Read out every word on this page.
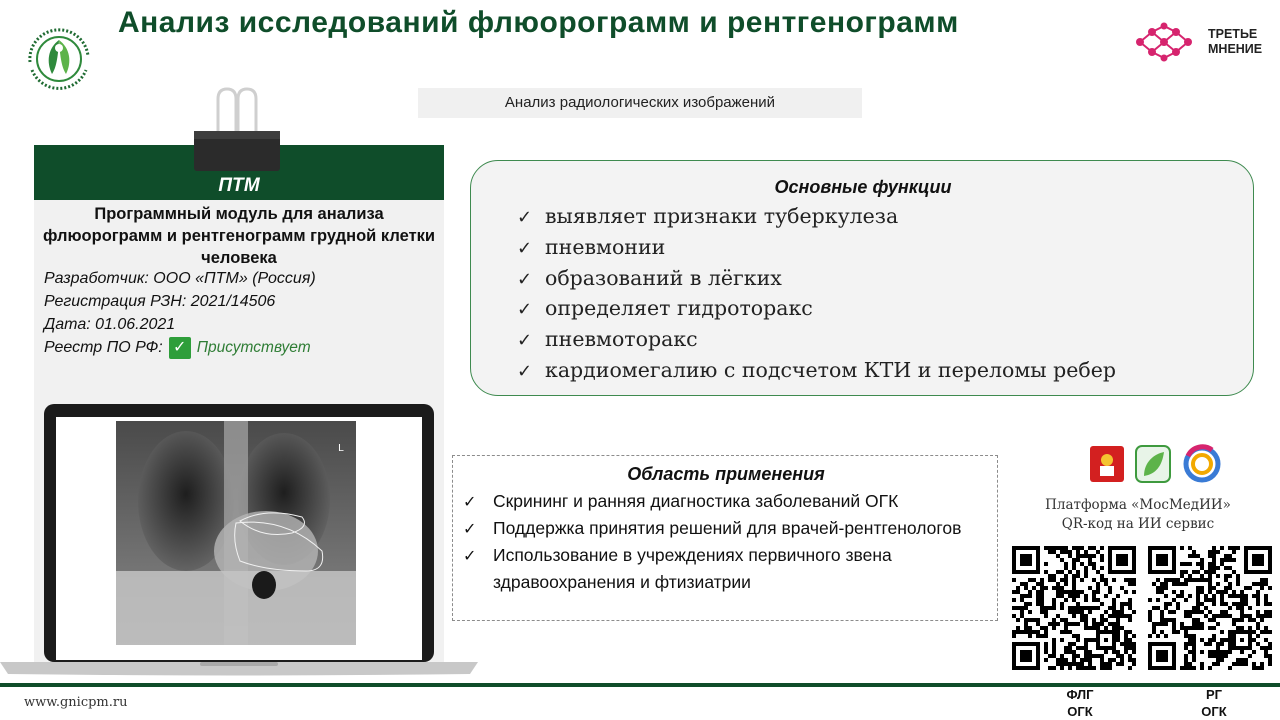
Анализ исследований флюорограмм и рентгенограмм	ТРЕТЬЕ
МНЕНИЕ
Анализ радиологических изображений
ПТМ
Программный модуль для анализа флюорограмм и рентгенограмм грудной клетки человека
Разработчик: ООО «ПТМ» (Россия)
Регистрация РЗН: 2021/14506
Дата: 01.06.2021
Реестр ПО РФ: ✓ Присутствует
L
Основные функции
✓ выявляет признаки туберкулеза
✓ пневмонии
✓ образований в лёгких
✓ определяет гидроторакс
✓ пневмоторакс
✓ кардиомегалию с подсчетом КТИ и переломы ребер
Область применения
✓ Скрининг и ранняя диагностика заболеваний ОГК
✓ Поддержка принятия решений для врачей-рентгенологов
✓ Использование в учреждениях первичного звена здравоохранения и фтизиатрии
Платформа «МосМедИИ»
QR-код на ИИ сервис
www.gnicpm.ru
ФЛГ
ОГК
РГ
ОГК
